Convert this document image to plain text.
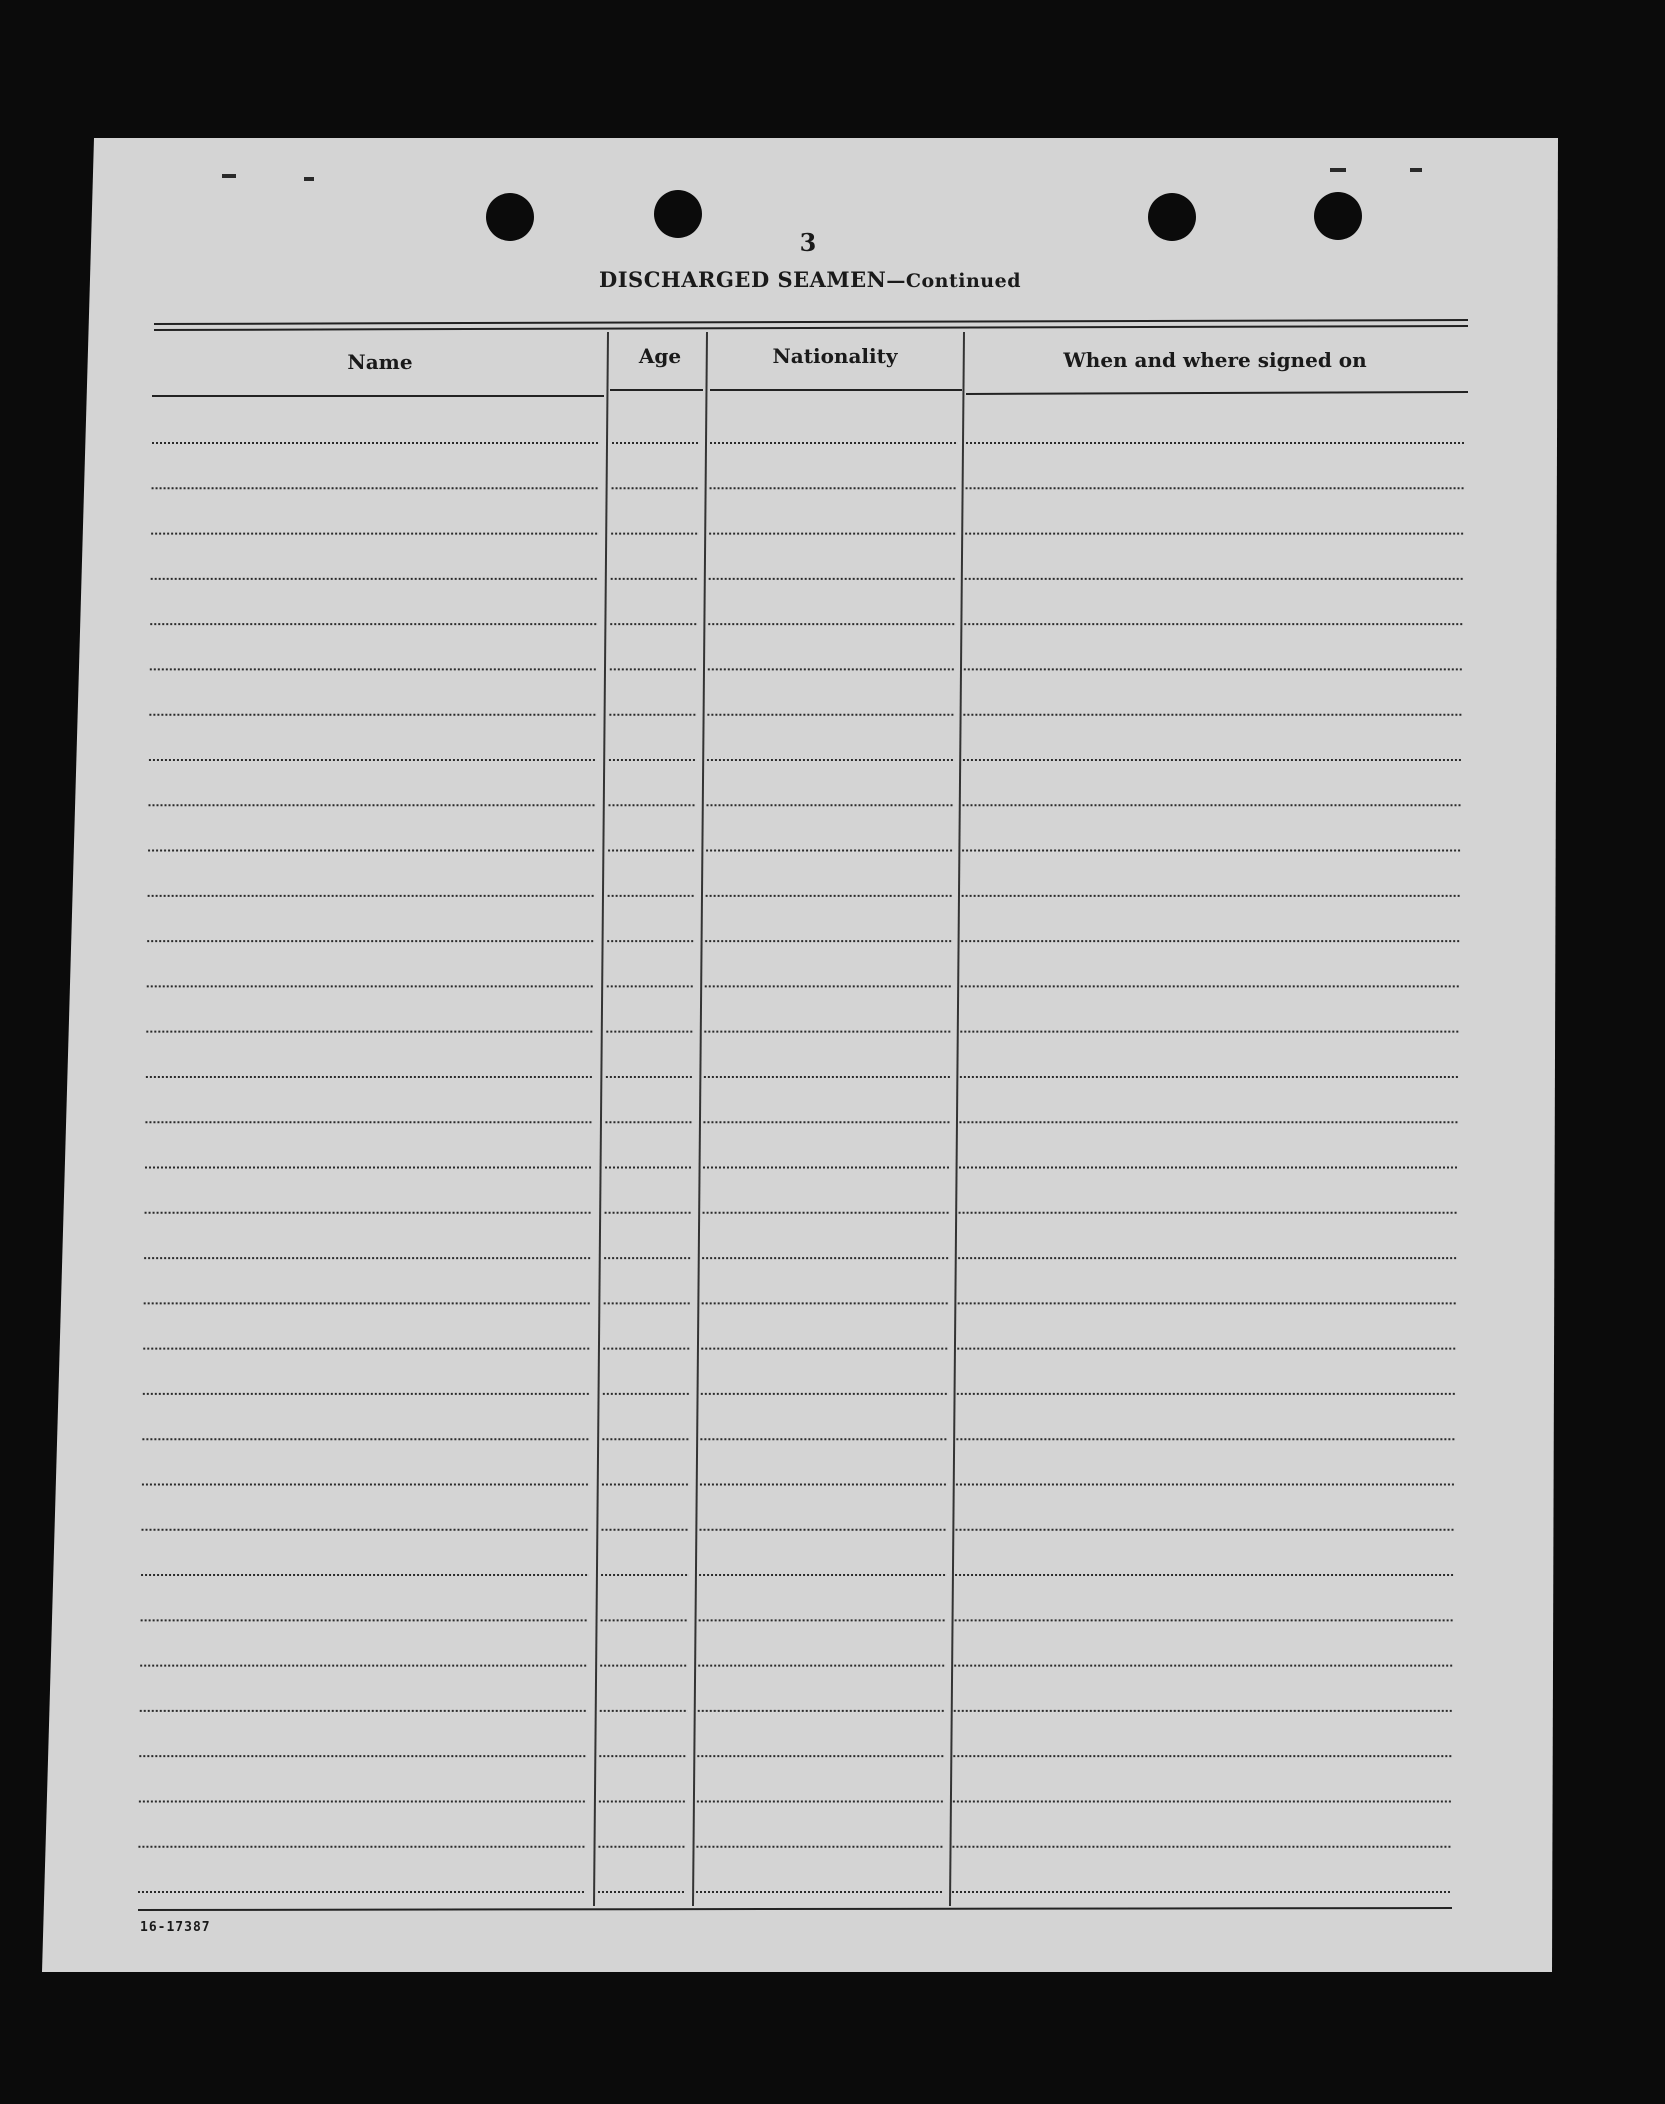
3
DISCHARGED SEAMEN—Continued
Name	Age	Nationality	When and where signed on
16-17387
